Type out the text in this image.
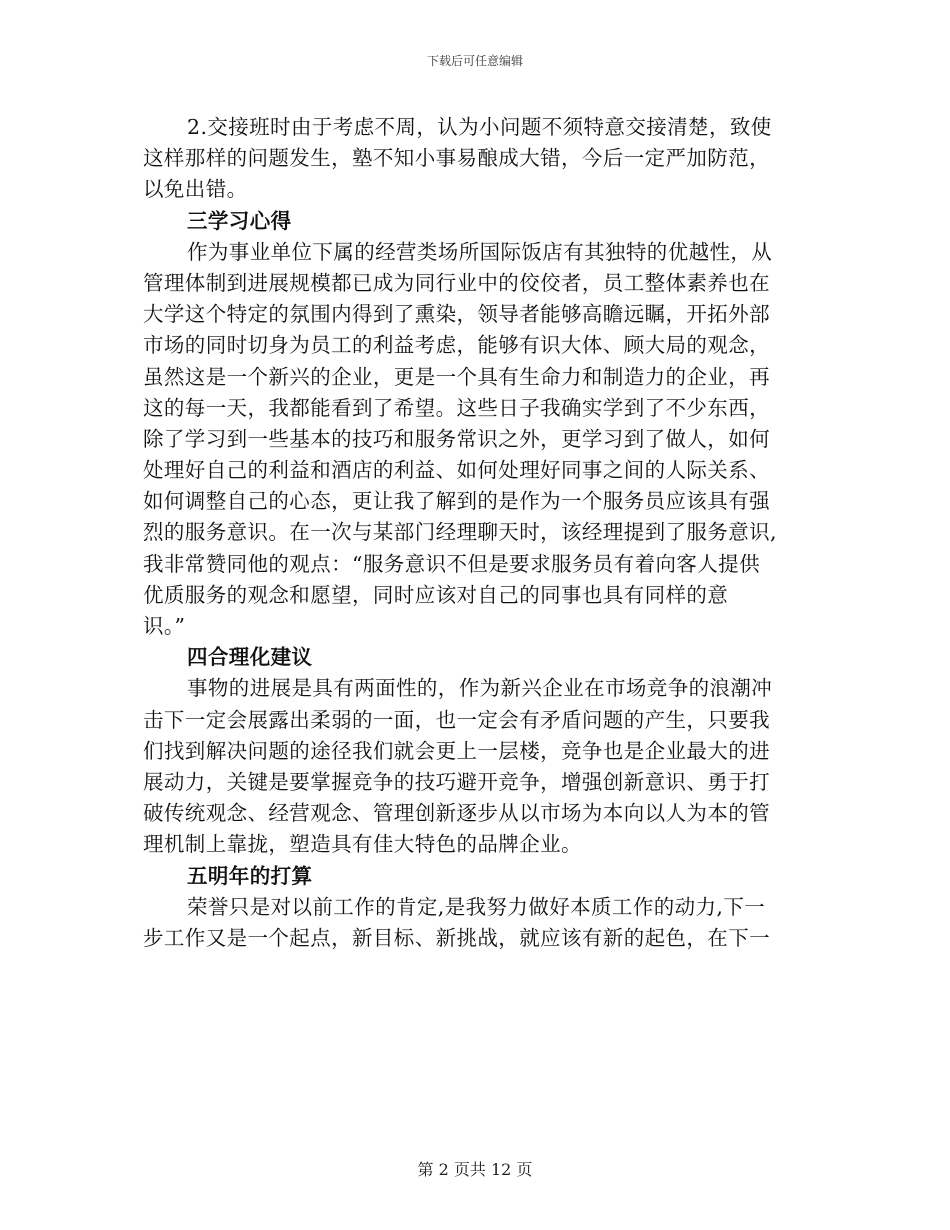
下载后可任意编辑
2.交接班时由于考虑不周，认为小问题不须特意交接清楚，致使
这样那样的问题发生，塾不知小事易酿成大错，今后一定严加防范，
以免出错。
三学习心得
作为事业单位下属的经营类场所国际饭店有其独特的优越性，从
管理体制到进展规模都已成为同行业中的佼佼者，员工整体素养也在
大学这个特定的氛围内得到了熏染，领导者能够高瞻远瞩，开拓外部
市场的同时切身为员工的利益考虑，能够有识大体、顾大局的观念，
虽然这是一个新兴的企业，更是一个具有生命力和制造力的企业，再
这的每一天，我都能看到了希望。这些日子我确实学到了不少东西，
除了学习到一些基本的技巧和服务常识之外，更学习到了做人，如何
处理好自己的利益和酒店的利益、如何处理好同事之间的人际关系、
如何调整自己的心态，更让我了解到的是作为一个服务员应该具有强
烈的服务意识。在一次与某部门经理聊天时，该经理提到了服务意识,
我非常赞同他的观点：“服务意识不但是要求服务员有着向客人提供
优质服务的观念和愿望，同时应该对自己的同事也具有同样的意
识。”
四合理化建议
事物的进展是具有两面性的，作为新兴企业在市场竞争的浪潮冲
击下一定会展露出柔弱的一面，也一定会有矛盾问题的产生，只要我
们找到解决问题的途径我们就会更上一层楼，竞争也是企业最大的进
展动力，关键是要掌握竞争的技巧避开竞争，增强创新意识、勇于打
破传统观念、经营观念、管理创新逐步从以市场为本向以人为本的管
理机制上靠拢，塑造具有佳大特色的品牌企业。
五明年的打算
荣誉只是对以前工作的肯定,是我努力做好本质工作的动力,下一
步工作又是一个起点，新目标、新挑战，就应该有新的起色，在下一
第 2 页共 12 页
